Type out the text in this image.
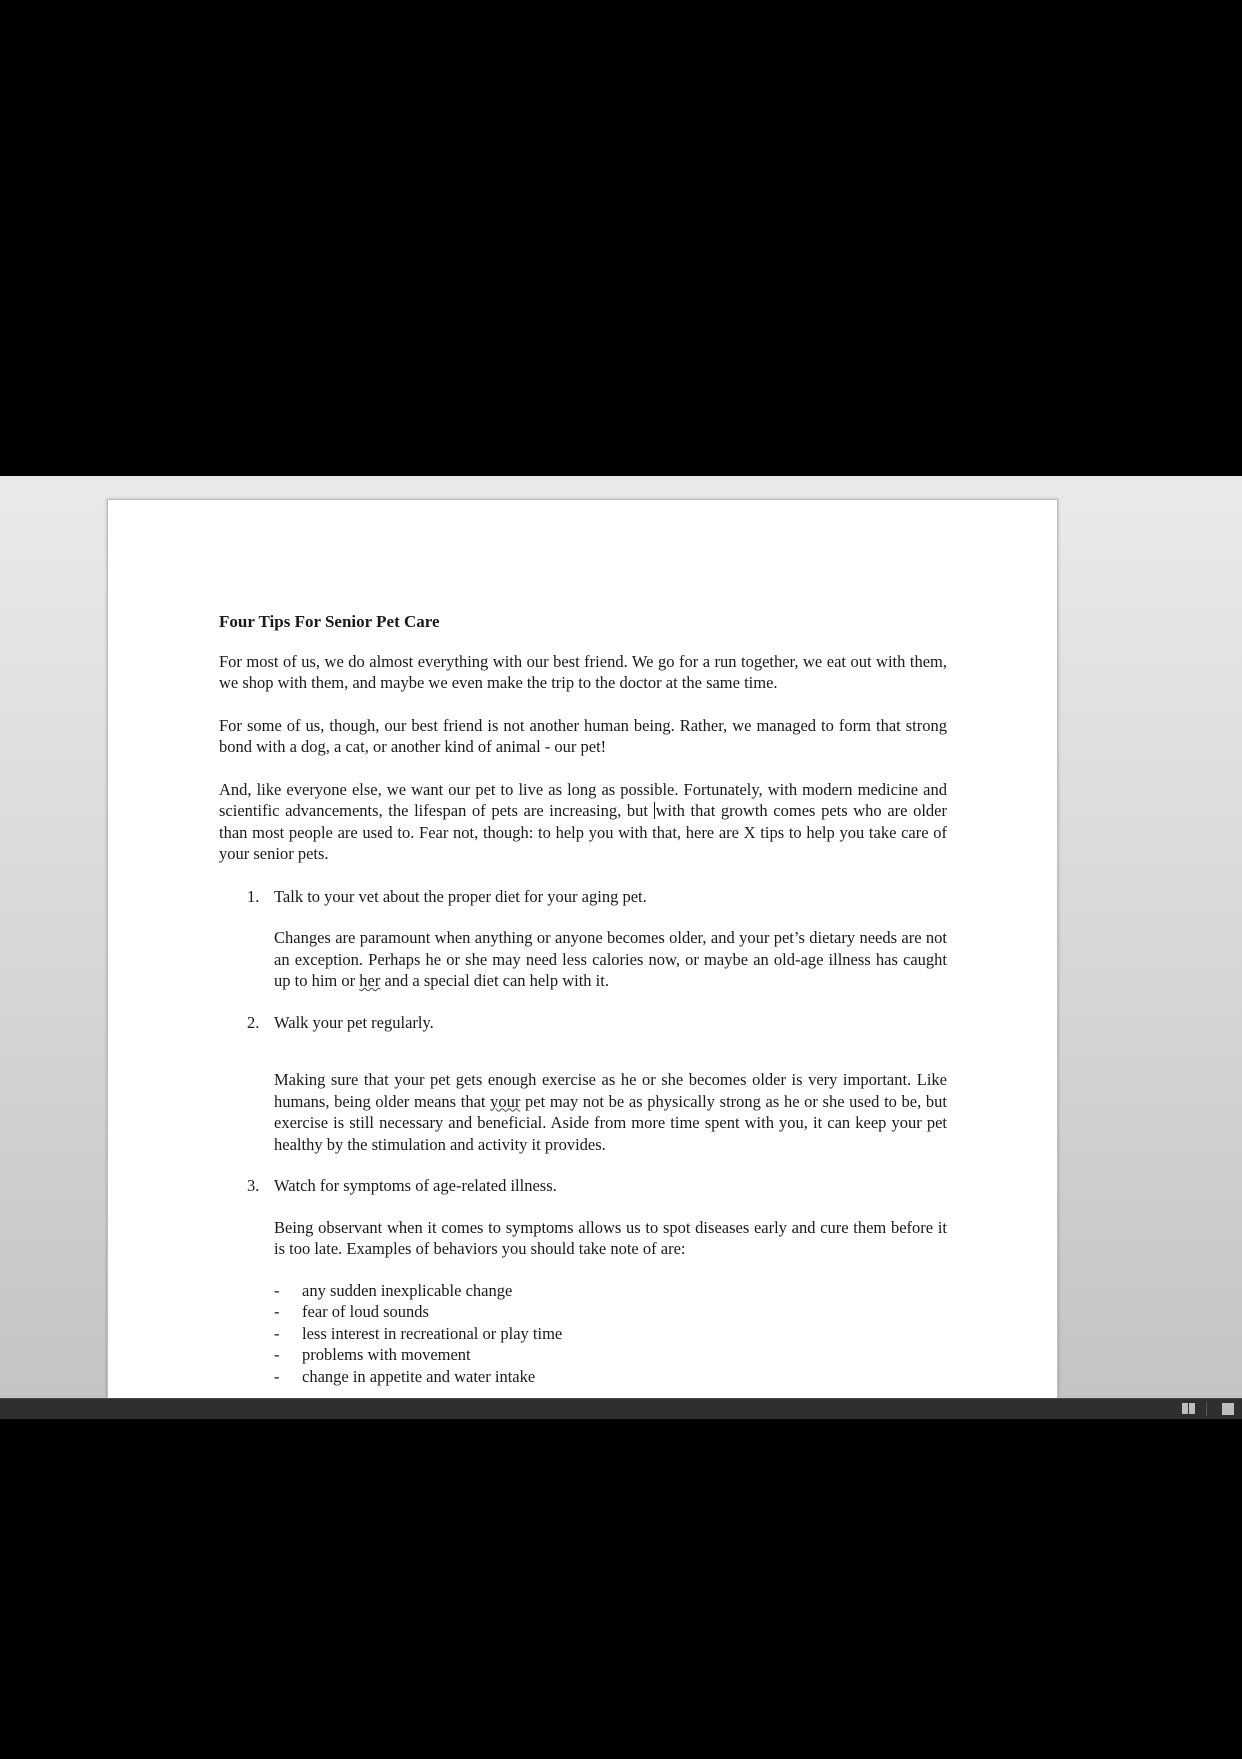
Four Tips For Senior Pet Care

For most of us, we do almost everything with our best friend. We go for a run together, we eat out with them, we shop with them, and maybe we even make the trip to the doctor at the same time.

For some of us, though, our best friend is not another human being. Rather, we managed to form that strong bond with a dog, a cat, or another kind of animal - our pet!

And, like everyone else, we want our pet to live as long as possible. Fortunately, with modern medicine and scientific advancements, the lifespan of pets are increasing, but with that growth comes pets who are older than most people are used to. Fear not, though: to help you with that, here are X tips to help you take care of your senior pets.

1. Talk to your vet about the proper diet for your aging pet.
Changes are paramount when anything or anyone becomes older, and your pet’s dietary needs are not an exception. Perhaps he or she may need less calories now, or maybe an old-age illness has caught up to him or her and a special diet can help with it.
2. Walk your pet regularly.
Making sure that your pet gets enough exercise as he or she becomes older is very important. Like humans, being older means that your pet may not be as physically strong as he or she used to be, but exercise is still necessary and beneficial. Aside from more time spent with you, it can keep your pet healthy by the stimulation and activity it provides.
3. Watch for symptoms of age-related illness.
Being observant when it comes to symptoms allows us to spot diseases early and cure them before it is too late. Examples of behaviors you should take note of are:
- any sudden inexplicable change
- fear of loud sounds
- less interest in recreational or play time
- problems with movement
- change in appetite and water intake
